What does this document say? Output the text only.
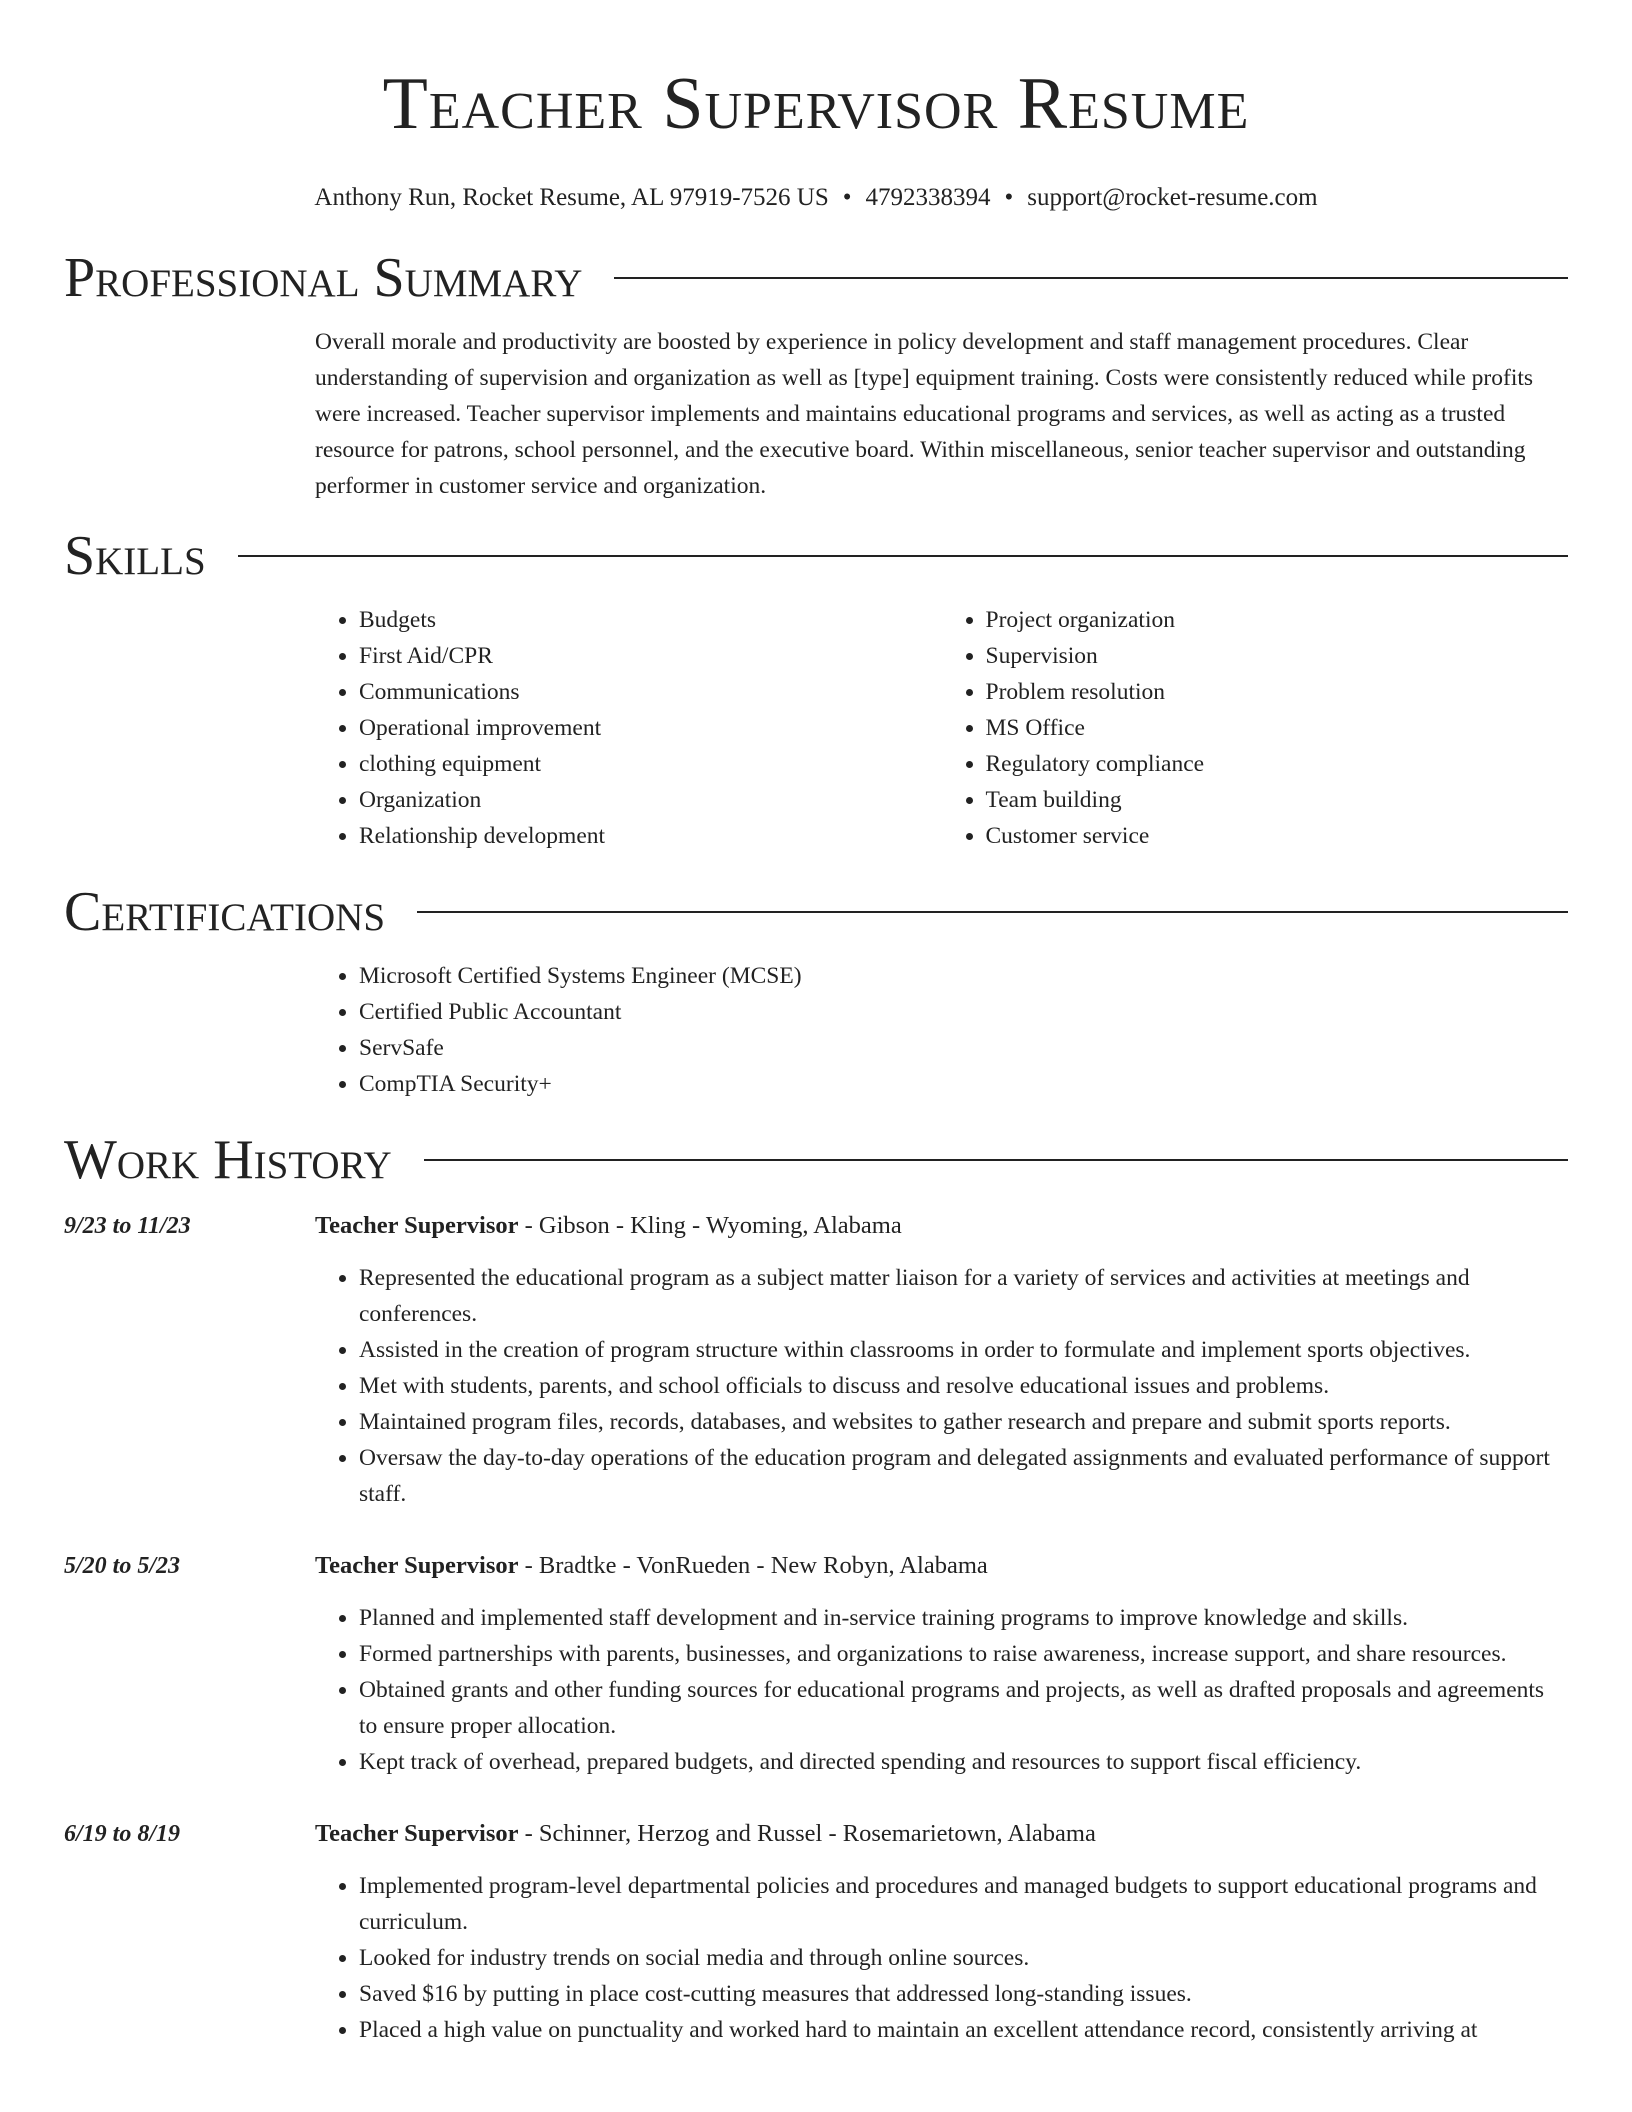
Teacher Supervisor Resume
Anthony Run, Rocket Resume, AL 97919-7526 US • 4792338394 • support@rocket-resume.com
Professional Summary

Overall morale and productivity are boosted by experience in policy development and staff management procedures. Clear understanding of supervision and organization as well as [type] equipment training. Costs were consistently reduced while profits were increased. Teacher supervisor implements and maintains educational programs and services, as well as acting as a trusted resource for patrons, school personnel, and the executive board. Within miscellaneous, senior teacher supervisor and outstanding performer in customer service and organization.

Skills
• Budgets
• First Aid/CPR
• Communications
• Operational improvement
• clothing equipment
• Organization
• Relationship development
• Project organization
• Supervision
• Problem resolution
• MS Office
• Regulatory compliance
• Team building
• Customer service
Certifications
• Microsoft Certified Systems Engineer (MCSE)
• Certified Public Accountant
• ServSafe
• CompTIA Security+
Work History
9/23 to 11/23	Teacher Supervisor - Gibson - Kling - Wyoming, Alabama
• Represented the educational program as a subject matter liaison for a variety of services and activities at meetings and conferences.
• Assisted in the creation of program structure within classrooms in order to formulate and implement sports objectives.
• Met with students, parents, and school officials to discuss and resolve educational issues and problems.
• Maintained program files, records, databases, and websites to gather research and prepare and submit sports reports.
• Oversaw the day-to-day operations of the education program and delegated assignments and evaluated performance of support staff.
5/20 to 5/23	Teacher Supervisor - Bradtke - VonRueden - New Robyn, Alabama
• Planned and implemented staff development and in-service training programs to improve knowledge and skills.
• Formed partnerships with parents, businesses, and organizations to raise awareness, increase support, and share resources.
• Obtained grants and other funding sources for educational programs and projects, as well as drafted proposals and agreements to ensure proper allocation.
• Kept track of overhead, prepared budgets, and directed spending and resources to support fiscal efficiency.
6/19 to 8/19	Teacher Supervisor - Schinner, Herzog and Russel - Rosemarietown, Alabama
• Implemented program-level departmental policies and procedures and managed budgets to support educational programs and curriculum.
• Looked for industry trends on social media and through online sources.
• Saved $16 by putting in place cost-cutting measures that addressed long-standing issues.
• Placed a high value on punctuality and worked hard to maintain an excellent attendance record, consistently arriving at
